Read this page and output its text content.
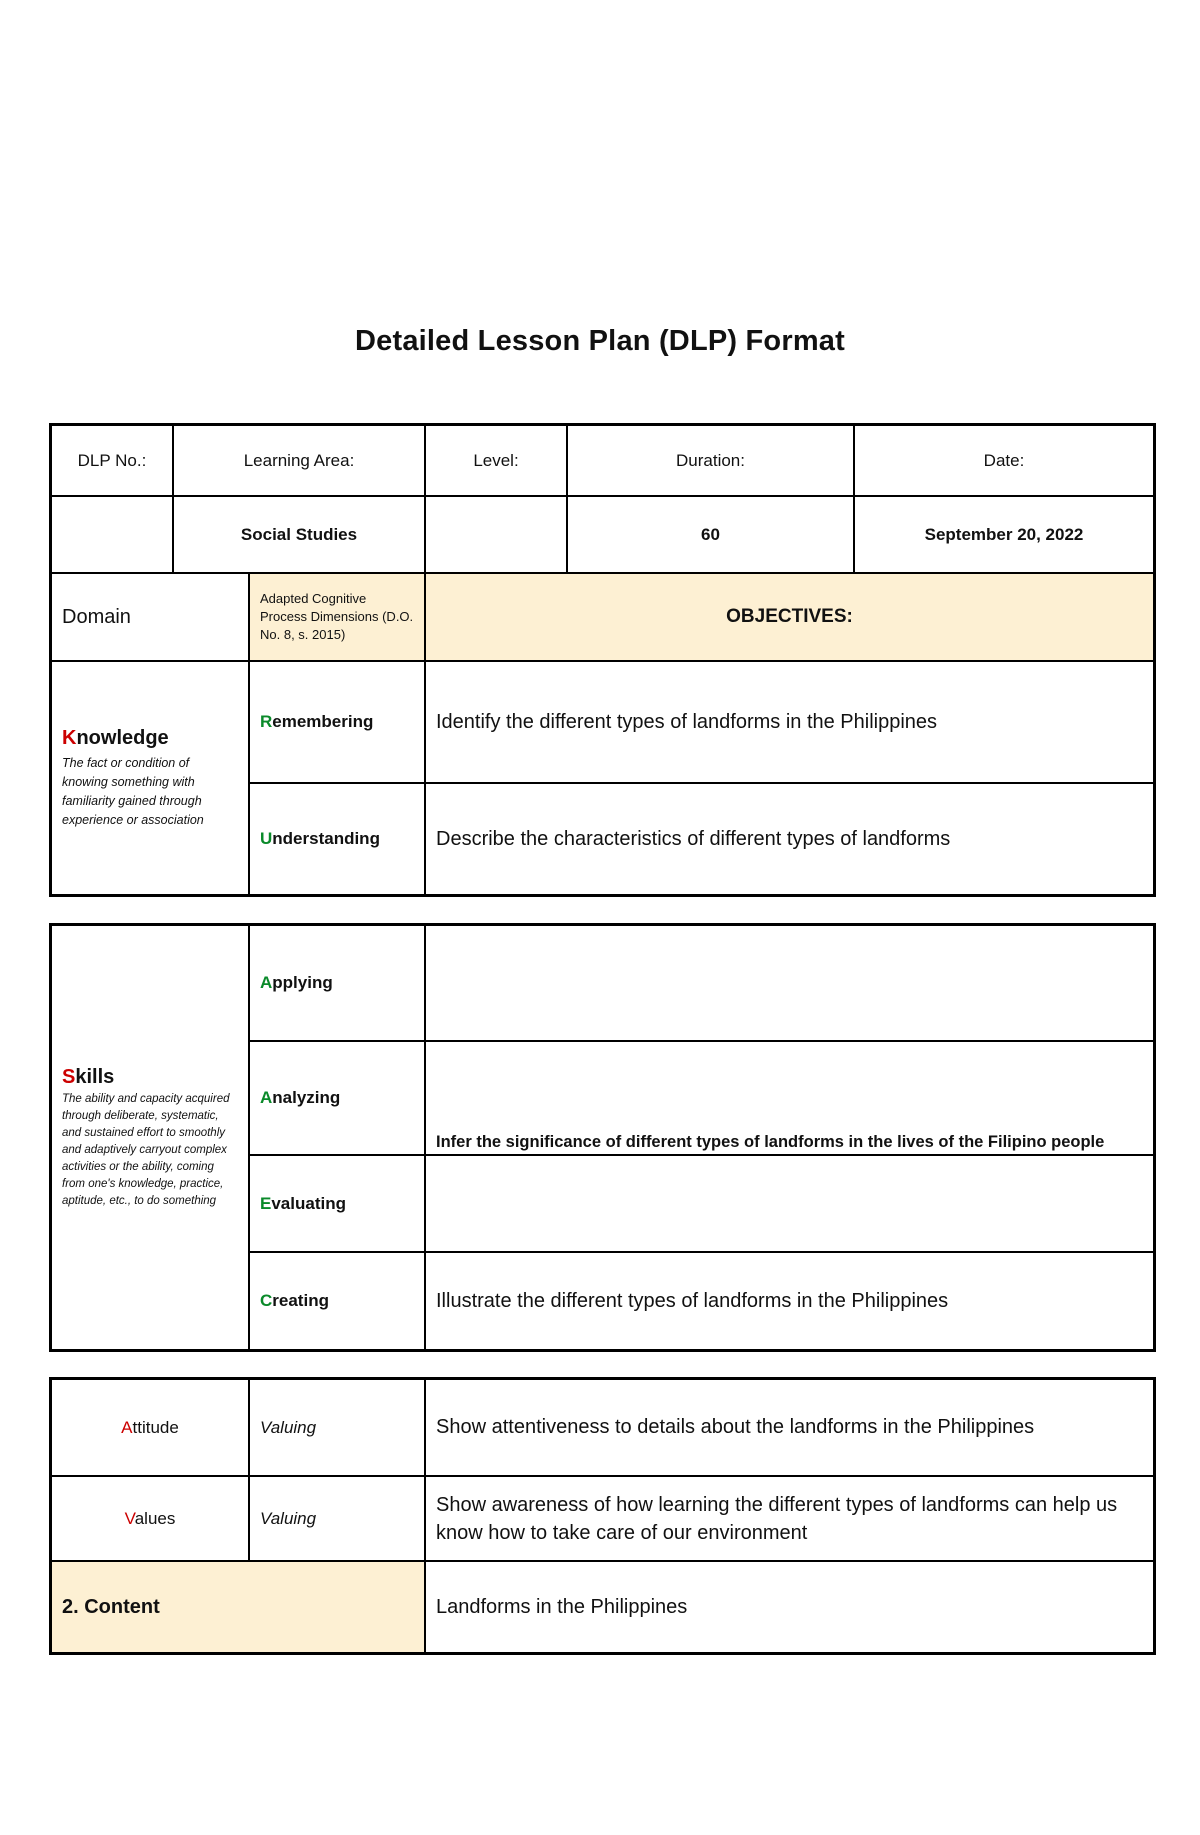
Detailed Lesson Plan (DLP) Format
DLP No.:	Learning Area:		Level:	Duration:	Date:
	Social Studies			60	September 20, 2022
Domain		Adapted Cognitive Process Dimensions (D.O. No. 8, s. 2015)	OBJECTIVES:		

Knowledge
The fact or condition of knowing something with familiarity gained through experience or association		Remembering	Identify the different types of landforms in the Philippines		
		Understanding	Describe the characteristics of different types of landforms		
Skills
The ability and capacity acquired through deliberate, systematic, and sustained effort to smoothly and adaptively carryout complex activities or the ability, coming from one's knowledge, practice, aptitude, etc., to do something	Applying	
	Analyzing	Infer the significance of different types of landforms in the lives of the Filipino people
	Evaluating	
	Creating	Illustrate the different types of landforms in the Philippines
Attitude	Valuing	Show attentiveness to details about the landforms in the Philippines
Values	Valuing	Show awareness of how learning the different types of landforms can help us know how to take care of our environment
2. Content		Landforms in the Philippines
